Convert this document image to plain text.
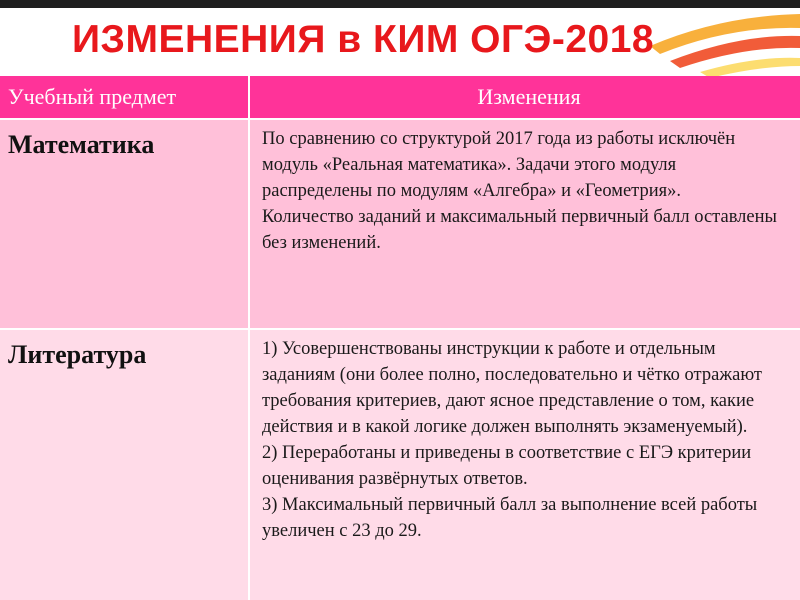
ИЗМЕНЕНИЯ в КИМ ОГЭ-2018
Учебный предмет	Изменения
Математика	По сравнению со структурой 2017 года из работы исключён модуль «Реальная математика». Задачи этого модуля распределены по модулям «Алгебра» и «Геометрия».

Количество заданий и максимальный первичный балл оставлены без изменений.

Литература	1) Усовершенствованы инструкции к работе и отдельным заданиям (они более полно, последовательно и чётко отражают требования критериев, дают ясное представление о том, какие действия и в какой логике должен выполнять экзаменуемый).

2) Переработаны и приведены в соответствие с ЕГЭ критерии оценивания развёрнутых ответов.

3) Максимальный первичный балл за выполнение всей работы увеличен с 23 до 29.
